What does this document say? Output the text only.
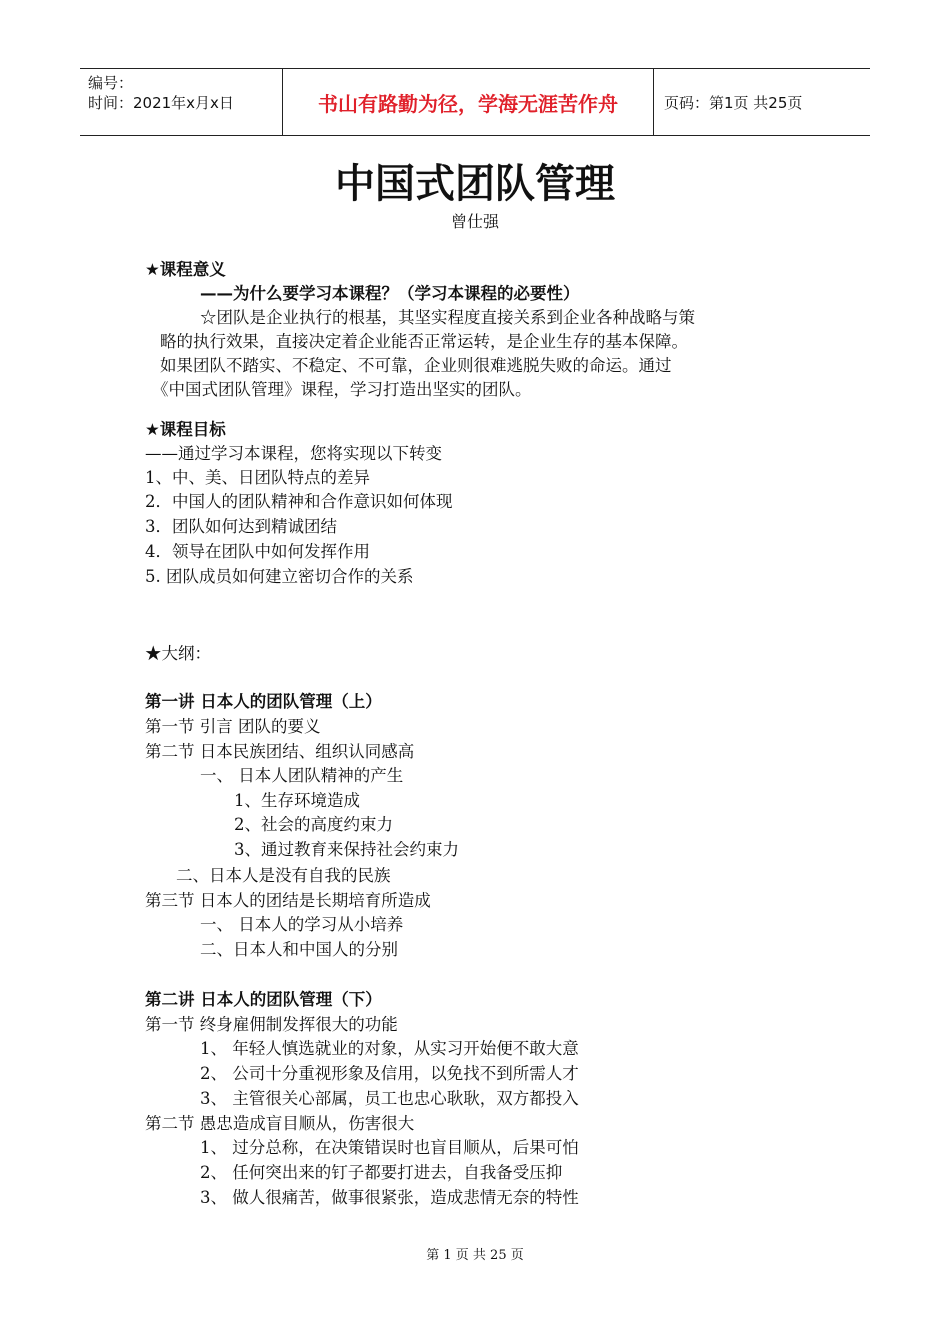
编号：
时间：2021年x月x日	书山有路勤为径，学海无涯苦作舟	页码：第1页 共25页
中国式团队管理
曾仕强
★课程意义
——为什么要学习本课程？（学习本课程的必要性）
☆团队是企业执行的根基，其坚实程度直接关系到企业各种战略与策
略的执行效果，直接决定着企业能否正常运转，是企业生存的基本保障。
如果团队不踏实、不稳定、不可靠，企业则很难逃脱失败的命运。通过
《中国式团队管理》课程，学习打造出坚实的团队。
★课程目标
——通过学习本课程，您将实现以下转变
1、中、美、日团队特点的差异
2．中国人的团队精神和合作意识如何体现
3．团队如何达到精诚团结
4．领导在团队中如何发挥作用
5. 团队成员如何建立密切合作的关系
★大纲：
第一讲 日本人的团队管理（上）
第一节 引言 团队的要义
第二节 日本民族团结、组织认同感高
一、 日本人团队精神的产生
1、生存环境造成
2、社会的高度约束力
3、通过教育来保持社会约束力
二、日本人是没有自我的民族
第三节 日本人的团结是长期培育所造成
一、 日本人的学习从小培养
二、日本人和中国人的分别
第二讲 日本人的团队管理（下）
第一节 终身雇佣制发挥很大的功能
1、 年轻人慎选就业的对象，从实习开始便不敢大意
2、 公司十分重视形象及信用，以免找不到所需人才
3、 主管很关心部属，员工也忠心耿耿，双方都投入
第二节 愚忠造成盲目顺从，伤害很大
1、 过分总称，在决策错误时也盲目顺从，后果可怕
2、 任何突出来的钉子都要打进去，自我备受压抑
3、 做人很痛苦，做事很紧张，造成悲情无奈的特性
第 1 页 共 25 页
